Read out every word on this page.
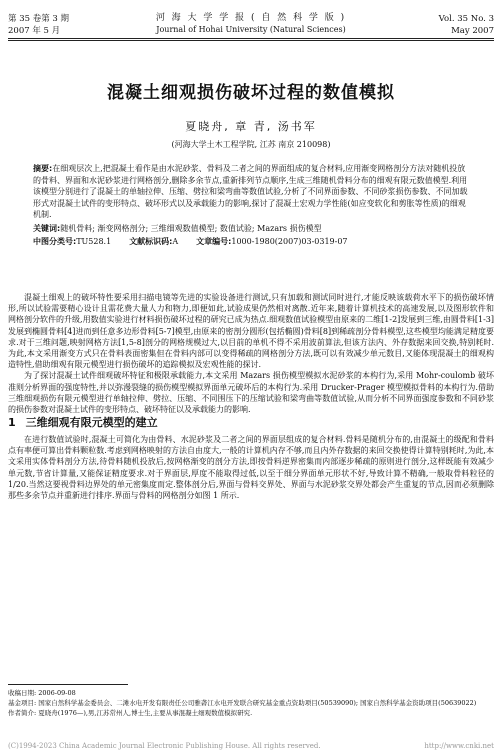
第 35 卷第 3 期
2007 年 5 月
河 海 大 学 学 报 ( 自 然 科 学 版 )
Journal of Hohai University (Natural Sciences)
Vol. 35 No. 3
May 2007
混凝土细观损伤破坏过程的数值模拟
夏晓舟, 章 青, 汤书军
(河海大学土木工程学院, 江苏 南京 210098)

摘要:在细观层次上,把混凝土看作是由水泥砂浆、骨料及二者之间的界面组成的复合材料,应用渐变网格剖分方法对随机投放的骨料、界面和水泥砂浆进行网格剖分,删除多余节点,重新排列节点顺序,生成三维随机骨料分布的细观有限元数值模型.利用该模型分别进行了混凝土的单轴拉伸、压缩、劈拉和梁弯曲等数值试验,分析了不同界面参数、不同砂浆损伤参数、不同加载形式对混凝土试件的变形特点、破坏形式以及承载能力的影响,探讨了混凝土宏观力学性能(如应变软化和剪胀等性质)的细观机制.

关键词:随机骨料; 渐变网格剖分; 三维细观数值模型; 数值试验; Mazars 损伤模型

中图分类号:TU528.1 文献标识码:A 文章编号:1000-1980(2007)03-0319-07

混凝土细观上的破坏特性要采用扫描电镜等先进的实验设备进行测试,只有加载和测试同时进行,才能反映该载荷水平下的损伤破坏情形,所以试验需要精心设计且需花费大量人力和物力,即便如此,试验成果仍然相对离散.近年来,随着计算机技术的高速发展,以及图形软件和网格剖分软件的升级,用数值实验进行材料损伤破坏过程的研究已成为热点.细观数值试验模型由原来的二维[1-2]发展到三维,由圆骨料[1-3]发展到椭圆骨料[4]进而到任意多边形骨料[5-7]模型,由原来的密剖分圆形(包括椭圆)骨料[8]到稀疏剖分骨料模型,这些模型均能满足精度要求.对于三维问题,映射网格方法[1,5-8]剖分的网格规模过大,以目前的单机不得不采用波前算法,但该方法内、外存数据来回交换,特别耗时.为此,本文采用渐变方式只在骨料表面密集但在骨料内部可以变得稀疏的网格剖分方法,既可以有效减少单元数目,又能体现混凝土的细观构造特性,借助细观有限元模型进行损伤破坏的追踪模拟及宏观性能的探讨.

为了探讨混凝土试件细观破坏特征和极限承载能力,本文采用 Mazars 损伤模型模拟水泥砂浆的本构行为,采用 Mohr-coulomb 破坏准则分析界面的强度特性,并以弥漫裂缝的损伤模型模拟界面单元破坏后的本构行为.采用 Drucker-Prager 模型模拟骨料的本构行为.借助三维细观损伤有限元模型进行单轴拉伸、劈拉、压缩、不同围压下的压缩试验和梁弯曲等数值试验,从而分析不同界面强度参数和不同砂浆的损伤参数对混凝土试件的变形特点、破坏特征以及承载能力的影响.

1 三维细观有限元模型的建立

在进行数值试验时,混凝土可简化为由骨料、水泥砂浆及二者之间的界面层组成的复合材料.骨料是随机分布的,由混凝土的级配和骨料点有率便可算出骨料颗粒数.考虑到网格映射的方法自由度大,一般的计算机内存不够,而且内外存数据的来回交换使得计算特别耗时,为此,本文采用实体骨料剖分方法,待骨料随机投放后,按网格渐变的剖分方法,即按骨料逆界密集而内部逐步稀疏的原则进行剖分,这样既能有效减少单元数,节省计算量,又能保证精度要求.对于界面层,厚度不能取得过低,以至于细分界面单元形状不好,导致计算不精确,一般取骨料粒径的 1/20.当然这要视骨料边界处的单元密集度而定.整体剖分后,界面与骨料交界处、界面与水泥砂浆交界处都会产生重复的节点,因而必须删除那些多余节点并重新进行排序.界面与骨料的网格剖分如图 1 所示.

收稿日期: 2006-09-08

基金项目: 国家自然科学基金委员会、二滩水电开发有限责任公司雅砻江水电开发联合研究基金重点资助项目(50539090); 国家自然科学基金资助项目(50639022)

作者简介: 夏晓舟(1976—),男,江苏常州人,博士生,主要从事混凝土细观数值模拟研究.

(C)1994-2023 China Academic Journal Electronic Publishing House. All rights reserved.	http://www.cnki.net
